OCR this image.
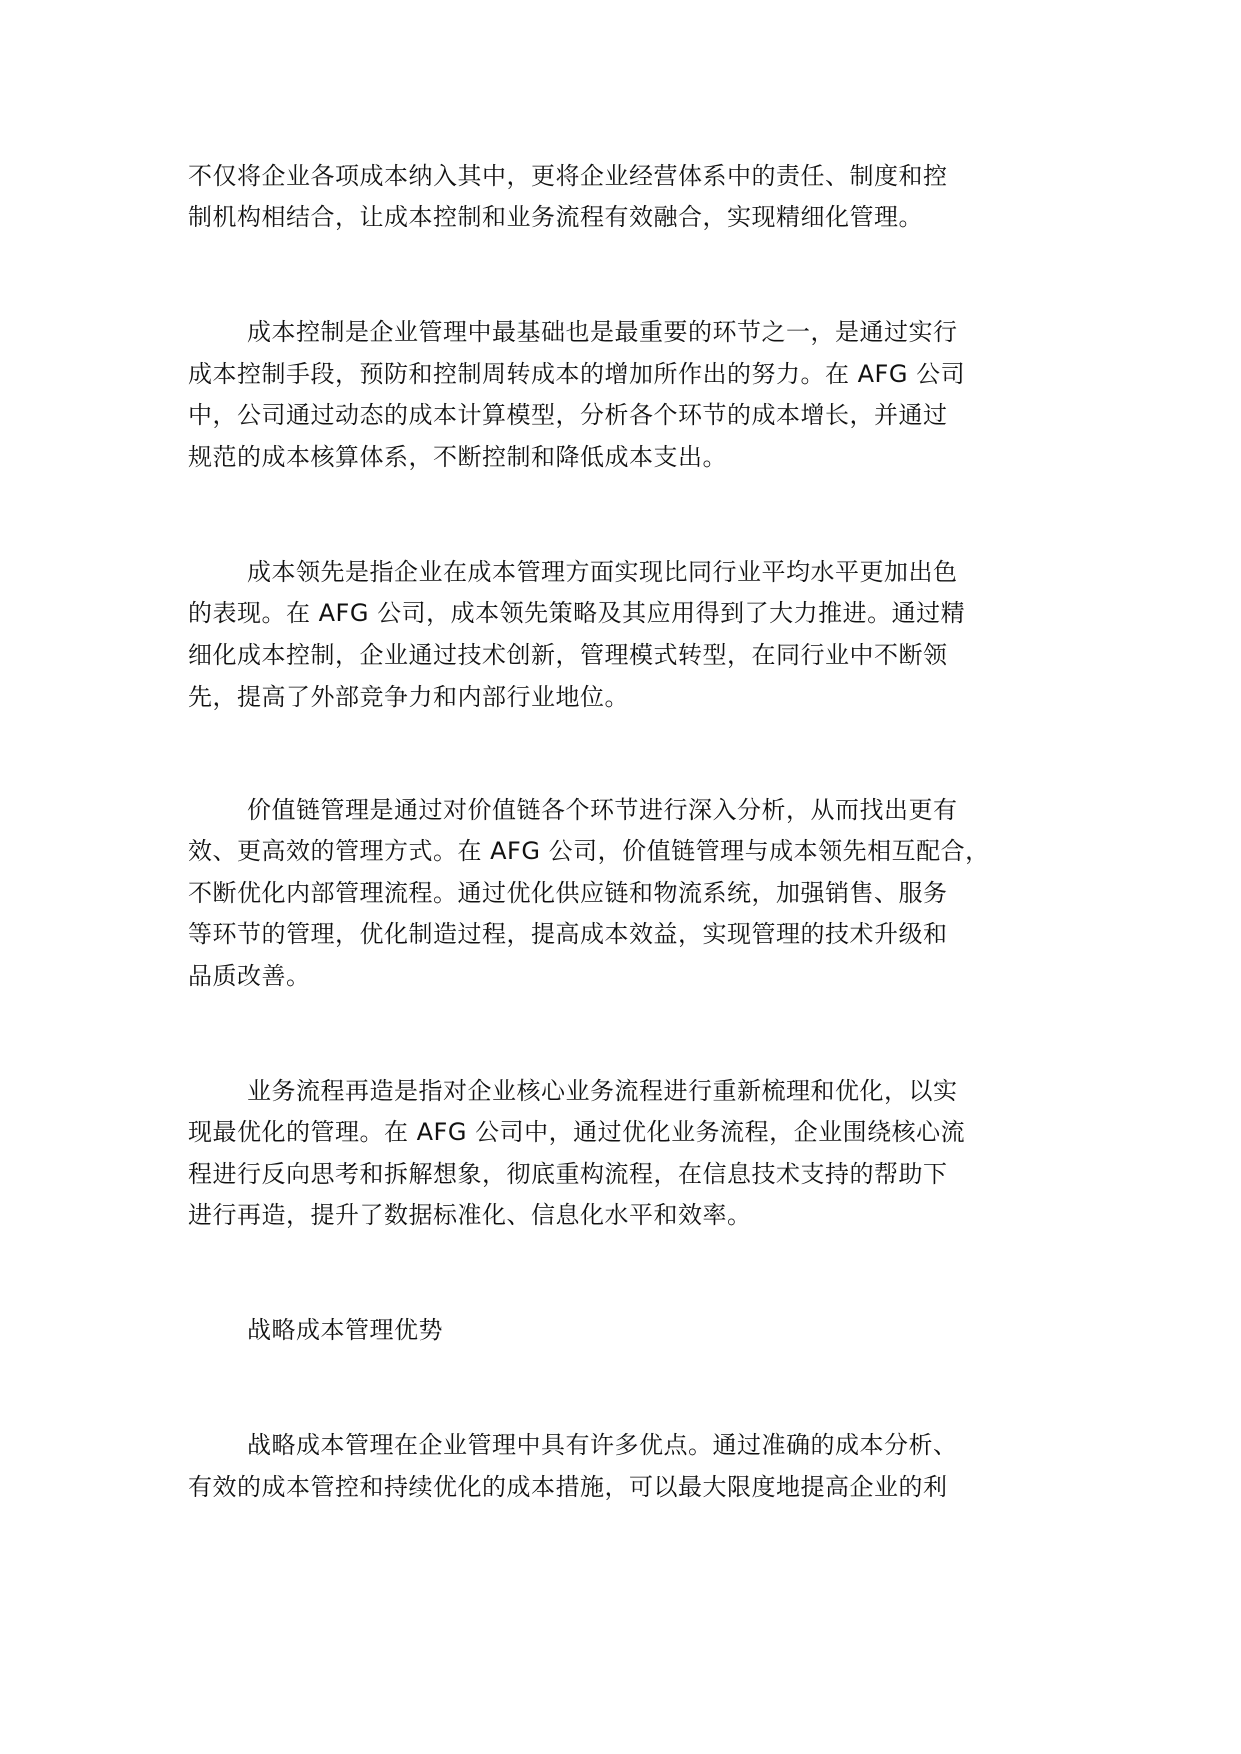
不仅将企业各项成本纳入其中，更将企业经营体系中的责任、制度和控

制机构相结合，让成本控制和业务流程有效融合，实现精细化管理。

成本控制是企业管理中最基础也是最重要的环节之一，是通过实行

成本控制手段，预防和控制周转成本的增加所作出的努力。在 AFG 公司

中，公司通过动态的成本计算模型，分析各个环节的成本增长，并通过

规范的成本核算体系，不断控制和降低成本支出。

成本领先是指企业在成本管理方面实现比同行业平均水平更加出色

的表现。在 AFG 公司，成本领先策略及其应用得到了大力推进。通过精

细化成本控制，企业通过技术创新，管理模式转型，在同行业中不断领

先，提高了外部竞争力和内部行业地位。

价值链管理是通过对价值链各个环节进行深入分析，从而找出更有

效、更高效的管理方式。在 AFG 公司，价值链管理与成本领先相互配合，

不断优化内部管理流程。通过优化供应链和物流系统，加强销售、服务

等环节的管理，优化制造过程，提高成本效益，实现管理的技术升级和

品质改善。

业务流程再造是指对企业核心业务流程进行重新梳理和优化，以实

现最优化的管理。在 AFG 公司中，通过优化业务流程，企业围绕核心流

程进行反向思考和拆解想象，彻底重构流程，在信息技术支持的帮助下

进行再造，提升了数据标准化、信息化水平和效率。

战略成本管理优势

战略成本管理在企业管理中具有许多优点。通过准确的成本分析、

有效的成本管控和持续优化的成本措施，可以最大限度地提高企业的利
